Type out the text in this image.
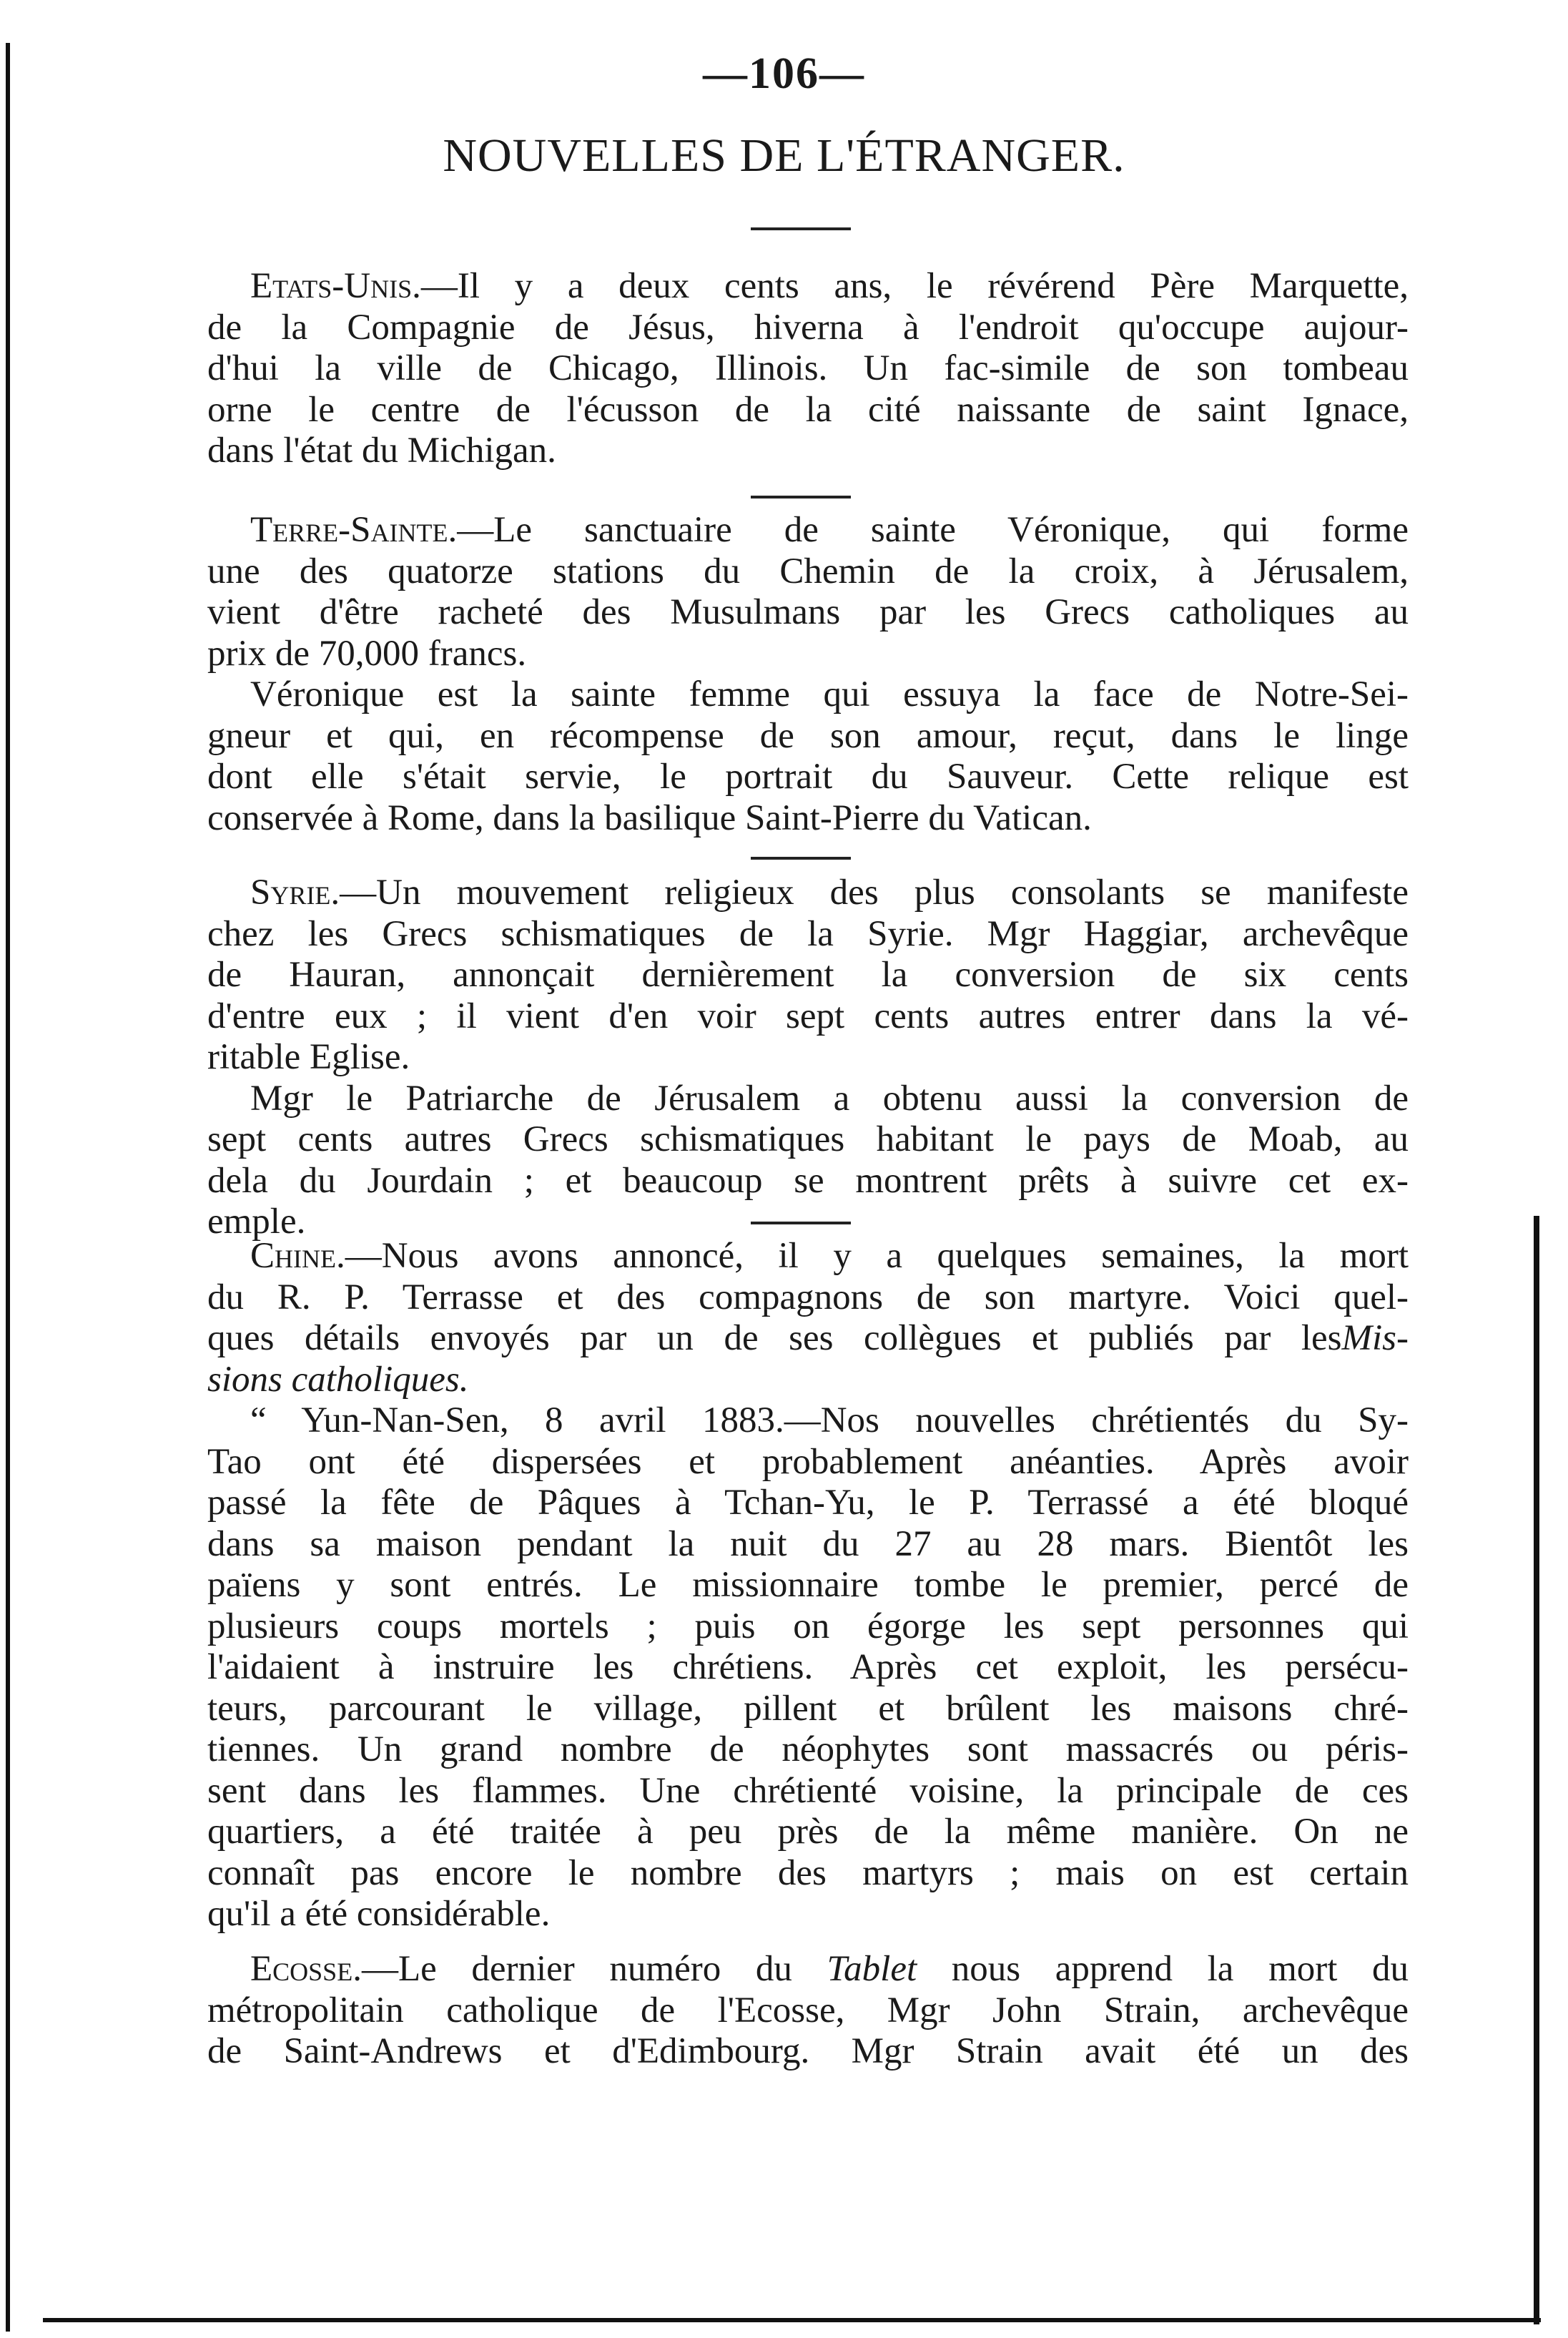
—106—
NOUVELLES DE L'ÉTRANGER.
Etats-Unis.—Il y a deux cents ans, le révérend Père Marquette,
de la Compagnie de Jésus, hiverna à l'endroit qu'occupe aujour-
d'hui la ville de Chicago, Illinois. Un fac-simile de son tombeau
orne le centre de l'écusson de la cité naissante de saint Ignace,
dans l'état du Michigan.
Terre-Sainte.—Le sanctuaire de sainte Véronique, qui forme
une des quatorze stations du Chemin de la croix, à Jérusalem,
vient d'être racheté des Musulmans par les Grecs catholiques au
prix de 70,000 francs.
Véronique est la sainte femme qui essuya la face de Notre-Sei-
gneur et qui, en récompense de son amour, reçut, dans le linge
dont elle s'était servie, le portrait du Sauveur. Cette relique est
conservée à Rome, dans la basilique Saint-Pierre du Vatican.
Syrie.—Un mouvement religieux des plus consolants se manifeste
chez les Grecs schismatiques de la Syrie. Mgr Haggiar, archevêque
de Hauran, annonçait dernièrement la conversion de six cents
d'entre eux ; il vient d'en voir sept cents autres entrer dans la vé-
ritable Eglise.
Mgr le Patriarche de Jérusalem a obtenu aussi la conversion de
sept cents autres Grecs schismatiques habitant le pays de Moab, au
dela du Jourdain ; et beaucoup se montrent prêts à suivre cet ex-
emple.
Chine.—Nous avons annoncé, il y a quelques semaines, la mort
du R. P. Terrasse et des compagnons de son martyre. Voici quel-
ques détails envoyés par un de ses collègues et publiés par lesMis-
sions catholiques.
“ Yun-Nan-Sen, 8 avril 1883.—Nos nouvelles chrétientés du Sy-
Tao ont été dispersées et probablement anéanties. Après avoir
passé la fête de Pâques à Tchan-Yu, le P. Terrassé a été bloqué
dans sa maison pendant la nuit du 27 au 28 mars. Bientôt les
païens y sont entrés. Le missionnaire tombe le premier, percé de
plusieurs coups mortels ; puis on égorge les sept personnes qui
l'aidaient à instruire les chrétiens. Après cet exploit, les persécu-
teurs, parcourant le village, pillent et brûlent les maisons chré-
tiennes. Un grand nombre de néophytes sont massacrés ou péris-
sent dans les flammes. Une chrétienté voisine, la principale de ces
quartiers, a été traitée à peu près de la même manière. On ne
connaît pas encore le nombre des martyrs ; mais on est certain
qu'il a été considérable.
Ecosse.—Le dernier numéro du Tablet nous apprend la mort du
métropolitain catholique de l'Ecosse, Mgr John Strain, archevêque
de Saint-Andrews et d'Edimbourg. Mgr Strain avait été un des
